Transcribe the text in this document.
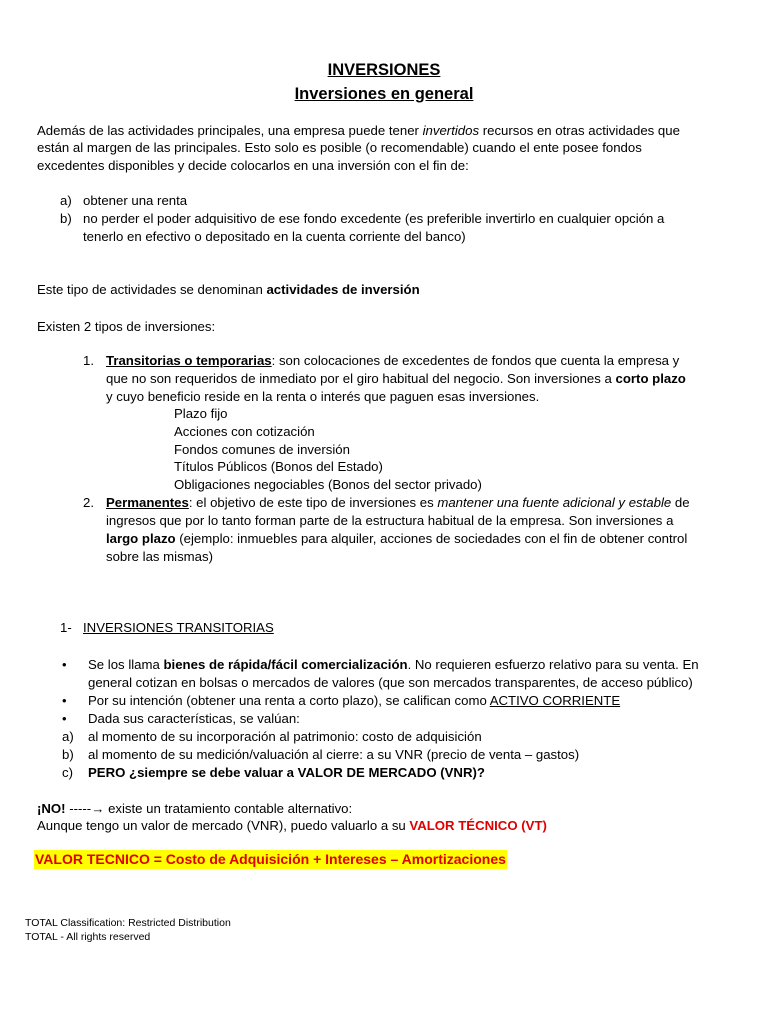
INVERSIONES
Inversiones en general
Además de las actividades principales, una empresa puede tener invertidos recursos en otras actividades que
están al margen de las principales. Esto solo es posible (o recomendable) cuando el ente posee fondos
excedentes disponibles y decide colocarlos en una inversión con el fin de:
a) obtener una renta
b) no perder el poder adquisitivo de ese fondo excedente (es preferible invertirlo en cualquier opción a
tenerlo en efectivo o depositado en la cuenta corriente del banco)
Este tipo de actividades se denominan actividades de inversión
Existen 2 tipos de inversiones:
1. Transitorias o temporarias: son colocaciones de excedentes de fondos que cuenta la empresa y
que no son requeridos de inmediato por el giro habitual del negocio. Son inversiones a corto plazo
y cuyo beneficio reside en la renta o interés que paguen esas inversiones.
Plazo fijo
Acciones con cotización
Fondos comunes de inversión
Títulos Públicos (Bonos del Estado)
Obligaciones negociables (Bonos del sector privado)
2. Permanentes: el objetivo de este tipo de inversiones es mantener una fuente adicional y estable de
ingresos que por lo tanto forman parte de la estructura habitual de la empresa. Son inversiones a
largo plazo (ejemplo: inmuebles para alquiler, acciones de sociedades con el fin de obtener control
sobre las mismas)
1- INVERSIONES TRANSITORIAS
• Se los llama bienes de rápida/fácil comercialización. No requieren esfuerzo relativo para su venta. En
general cotizan en bolsas o mercados de valores (que son mercados transparentes, de acceso público)
• Por su intención (obtener una renta a corto plazo), se califican como ACTIVO CORRIENTE
• Dada sus características, se valúan:
a) al momento de su incorporación al patrimonio: costo de adquisición
b) al momento de su medición/valuación al cierre: a su VNR (precio de venta – gastos)
c) PERO ¿siempre se debe valuar a VALOR DE MERCADO (VNR)?
¡NO! -----→ existe un tratamiento contable alternativo:
Aunque tengo un valor de mercado (VNR), puedo valuarlo a su VALOR TÉCNICO (VT)
VALOR TECNICO = Costo de Adquisición + Intereses – Amortizaciones
TOTAL Classification: Restricted Distribution
TOTAL - All rights reserved
